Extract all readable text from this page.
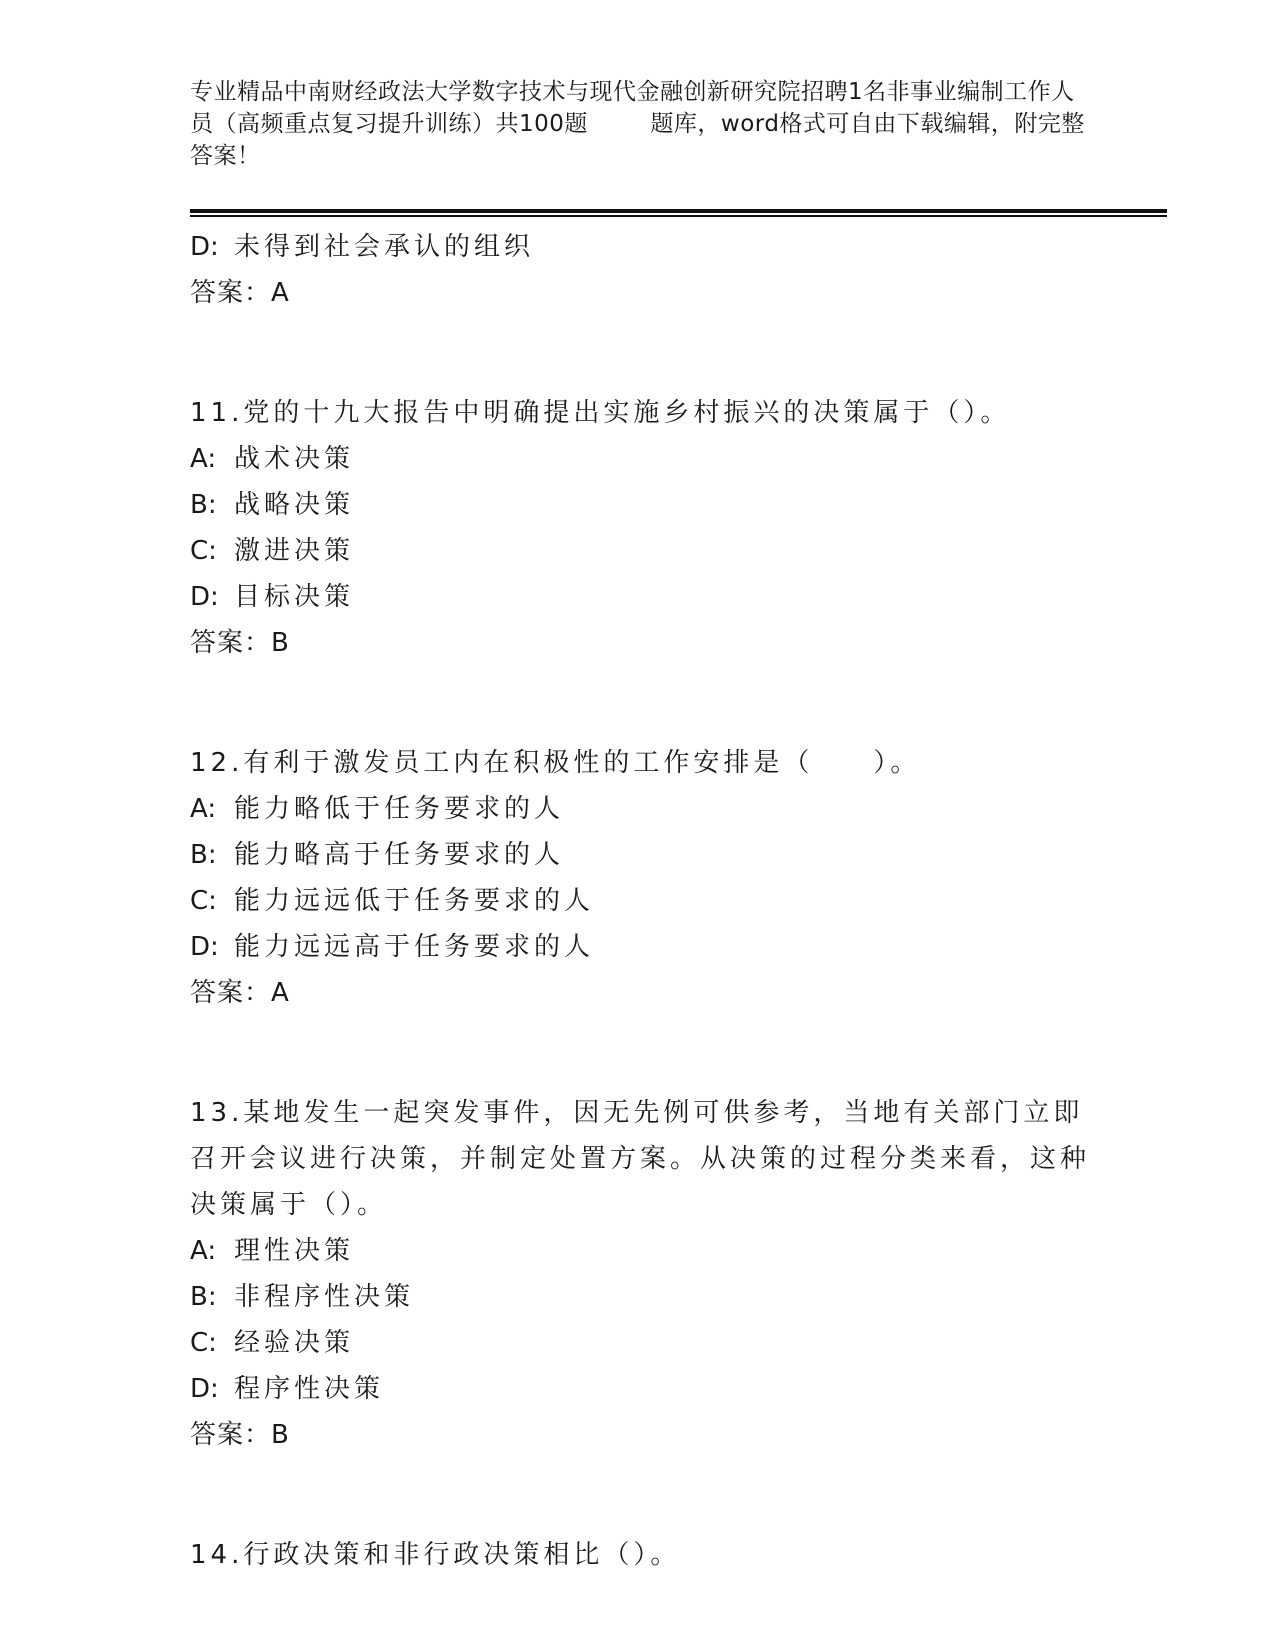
专业精品中南财经政法大学数字技术与现代金融创新研究院招聘1名非事业编制工作人员（高频重点复习提升训练）共100题        题库，word格式可自由下载编辑，附完整答案！
D: 未得到社会承认的组织
答案：A
11.党的十九大报告中明确提出实施乡村振兴的决策属于（）。
A: 战术决策
B: 战略决策
C: 激进决策
D: 目标决策
答案：B
12.有利于激发员工内在积极性的工作安排是（　　）。
A: 能力略低于任务要求的人
B: 能力略高于任务要求的人
C: 能力远远低于任务要求的人
D: 能力远远高于任务要求的人
答案：A
13.某地发生一起突发事件，因无先例可供参考，当地有关部门立即召开会议进行决策，并制定处置方案。从决策的过程分类来看，这种决策属于（）。
A: 理性决策
B: 非程序性决策
C: 经验决策
D: 程序性决策
答案：B
14.行政决策和非行政决策相比（）。
